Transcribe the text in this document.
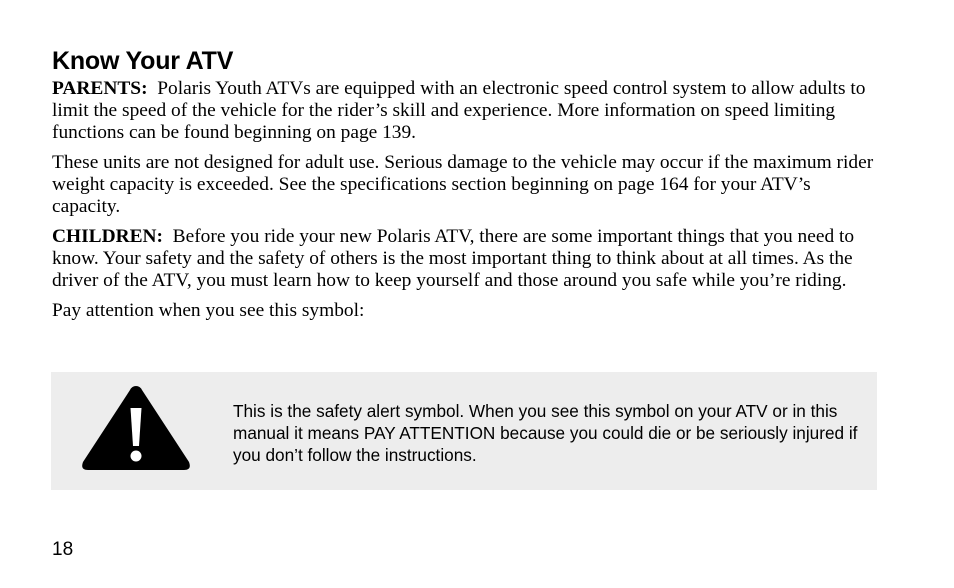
Know Your ATV

PARENTS: Polaris Youth ATVs are equipped with an electronic speed control system to allow adults to limit the speed of the vehicle for the rider’s skill and experience. More information on speed limiting functions can be found beginning on page 139.

These units are not designed for adult use. Serious damage to the vehicle may occur if the maximum rider weight capacity is exceeded. See the specifications section beginning on page 164 for your ATV’s capacity.

CHILDREN: Before you ride your new Polaris ATV, there are some important things that you need to know. Your safety and the safety of others is the most important thing to think about at all times. As the driver of the ATV, you must learn how to keep yourself and those around you safe while you’re riding.

Pay attention when you see this symbol:

This is the safety alert symbol. When you see this symbol on your ATV or in this manual it means PAY ATTENTION because you could die or be seriously injured if you don’t follow the instructions.
18
